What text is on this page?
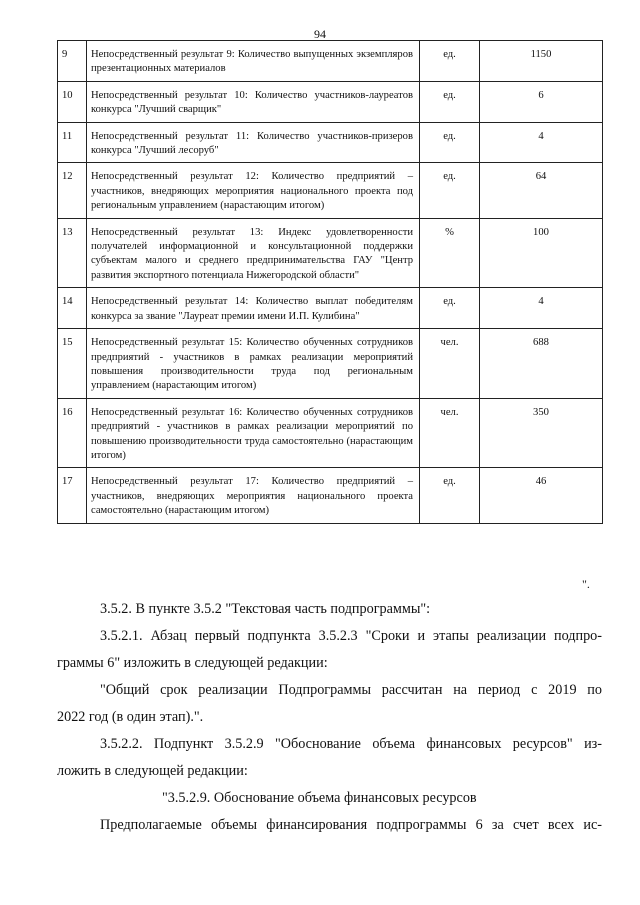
94
9	Непосредственный результат 9: Количество выпущенных экземпляров презентационных материалов	ед.	1150
10	Непосредственный результат 10: Количество участников-лауреатов конкурса "Лучший сварщик"	ед.	6
11	Непосредственный результат 11: Количество участников-призеров конкурса "Лучший лесоруб"	ед.	4
12	Непосредственный результат 12: Количество предприятий – участников, внедряющих мероприятия национального проекта под региональным управлением (нарастающим итогом)	ед.	64
13	Непосредственный результат 13: Индекс удовлетворенности получателей информационной и консультационной поддержки субъектам малого и среднего предпринимательства ГАУ "Центр развития экспортного потенциала Нижегородской области"	%	100
14	Непосредственный результат 14: Количество выплат победителям конкурса за звание "Лауреат премии имени И.П. Кулибина"	ед.	4
15	Непосредственный результат 15: Количество обученных сотрудников предприятий - участников в рамках реализации мероприятий повышения производительности труда под региональным управлением (нарастающим итогом)	чел.	688
16	Непосредственный результат 16: Количество обученных сотрудников предприятий - участников в рамках реализации мероприятий по повышению производительности труда самостоятельно (нарастающим итогом)	чел.	350
17	Непосредственный результат 17: Количество предприятий – участников, внедряющих мероприятия национального проекта самостоятельно (нарастающим итогом)	ед.	46
".
3.5.2. В пункте 3.5.2 "Текстовая часть подпрограммы":
3.5.2.1. Абзац первый подпункта 3.5.2.3 "Сроки и этапы реализации подпро-
граммы 6" изложить в следующей редакции:
"Общий срок реализации Подпрограммы рассчитан на период с 2019 по
2022 год (в один этап).".
3.5.2.2. Подпункт 3.5.2.9 "Обоснование объема финансовых ресурсов" из-
ложить в следующей редакции:
"3.5.2.9. Обоснование объема финансовых ресурсов
Предполагаемые объемы финансирования подпрограммы 6 за счет всех ис-
